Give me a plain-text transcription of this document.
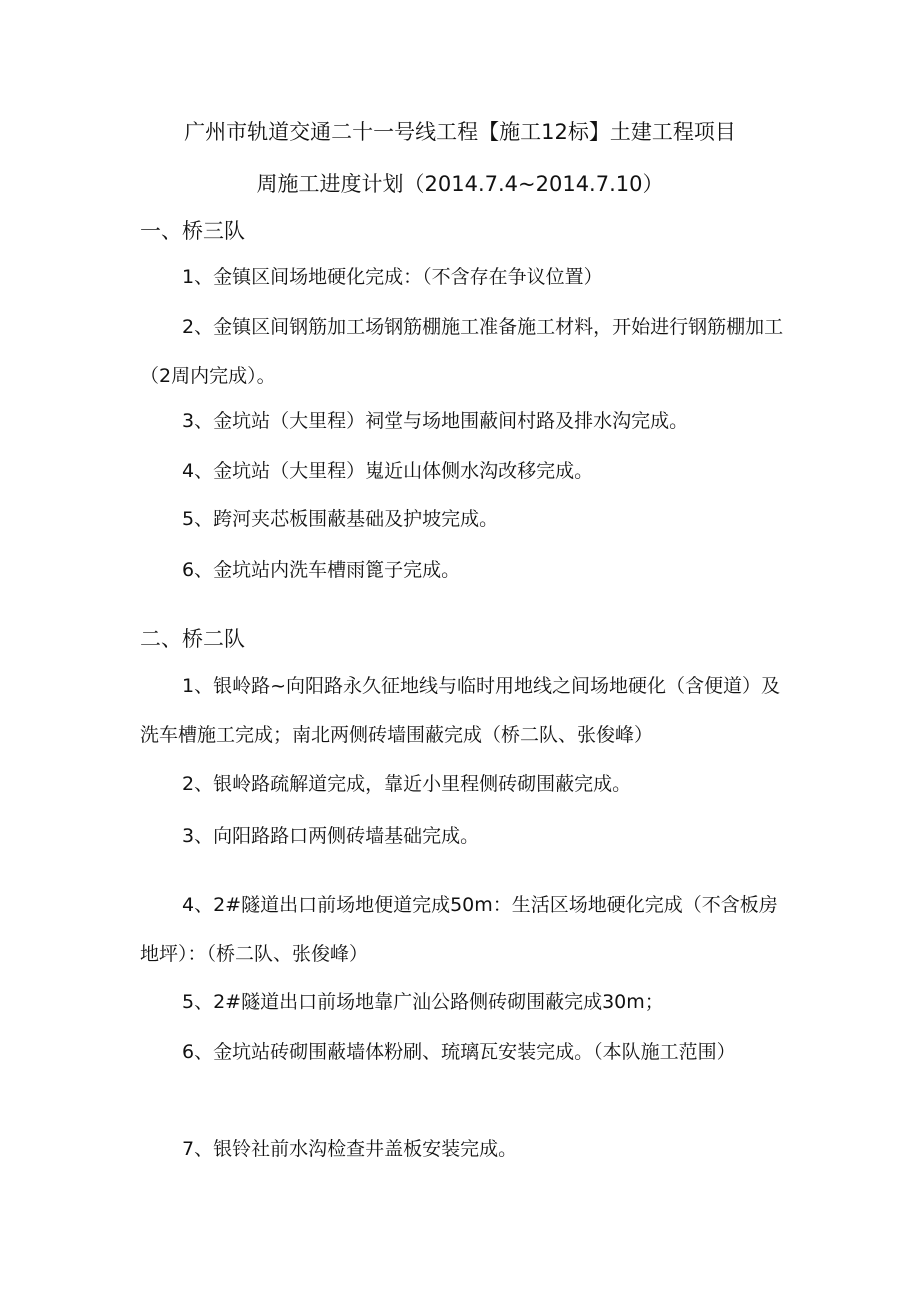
广州市轨道交通二十一号线工程【施工12标】土建工程项目
周施工进度计划（2014.7.4~2014.7.10）
一、桥三队
1、金镇区间场地硬化完成：（不含存在争议位置）
2、金镇区间钢筋加工场钢筋棚施工准备施工材料，开始进行钢筋棚加工（2周内完成）。
3、金坑站（大里程）祠堂与场地围蔽间村路及排水沟完成。
4、金坑站（大里程）嵬近山体侧水沟改移完成。
5、跨河夹芯板围蔽基础及护坡完成。
6、金坑站内洗车槽雨篦子完成。
二、桥二队
1、银岭路~向阳路永久征地线与临时用地线之间场地硬化（含便道）及洗车槽施工完成；南北两侧砖墙围蔽完成（桥二队、张俊峰）
2、银岭路疏解道完成，靠近小里程侧砖砌围蔽完成。
3、向阳路路口两侧砖墙基础完成。
4、2#隧道出口前场地便道完成50m：生活区场地硬化完成（不含板房地坪）：（桥二队、张俊峰）
5、2#隧道出口前场地靠广汕公路侧砖砌围蔽完成30m；
6、金坑站砖砌围蔽墙体粉刷、琉璃瓦安装完成。（本队施工范围）
7、银铃社前水沟检查井盖板安装完成。
